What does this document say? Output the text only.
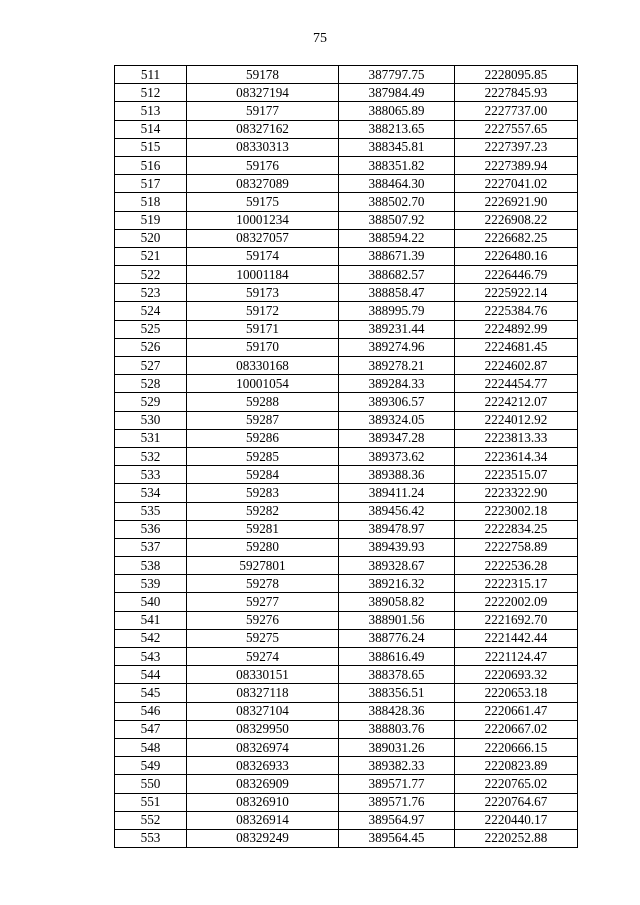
75
511	59178	387797.75	2228095.85
512	08327194	387984.49	2227845.93
513	59177	388065.89	2227737.00
514	08327162	388213.65	2227557.65
515	08330313	388345.81	2227397.23
516	59176	388351.82	2227389.94
517	08327089	388464.30	2227041.02
518	59175	388502.70	2226921.90
519	10001234	388507.92	2226908.22
520	08327057	388594.22	2226682.25
521	59174	388671.39	2226480.16
522	10001184	388682.57	2226446.79
523	59173	388858.47	2225922.14
524	59172	388995.79	2225384.76
525	59171	389231.44	2224892.99
526	59170	389274.96	2224681.45
527	08330168	389278.21	2224602.87
528	10001054	389284.33	2224454.77
529	59288	389306.57	2224212.07
530	59287	389324.05	2224012.92
531	59286	389347.28	2223813.33
532	59285	389373.62	2223614.34
533	59284	389388.36	2223515.07
534	59283	389411.24	2223322.90
535	59282	389456.42	2223002.18
536	59281	389478.97	2222834.25
537	59280	389439.93	2222758.89
538	5927801	389328.67	2222536.28
539	59278	389216.32	2222315.17
540	59277	389058.82	2222002.09
541	59276	388901.56	2221692.70
542	59275	388776.24	2221442.44
543	59274	388616.49	2221124.47
544	08330151	388378.65	2220693.32
545	08327118	388356.51	2220653.18
546	08327104	388428.36	2220661.47
547	08329950	388803.76	2220667.02
548	08326974	389031.26	2220666.15
549	08326933	389382.33	2220823.89
550	08326909	389571.77	2220765.02
551	08326910	389571.76	2220764.67
552	08326914	389564.97	2220440.17
553	08329249	389564.45	2220252.88
